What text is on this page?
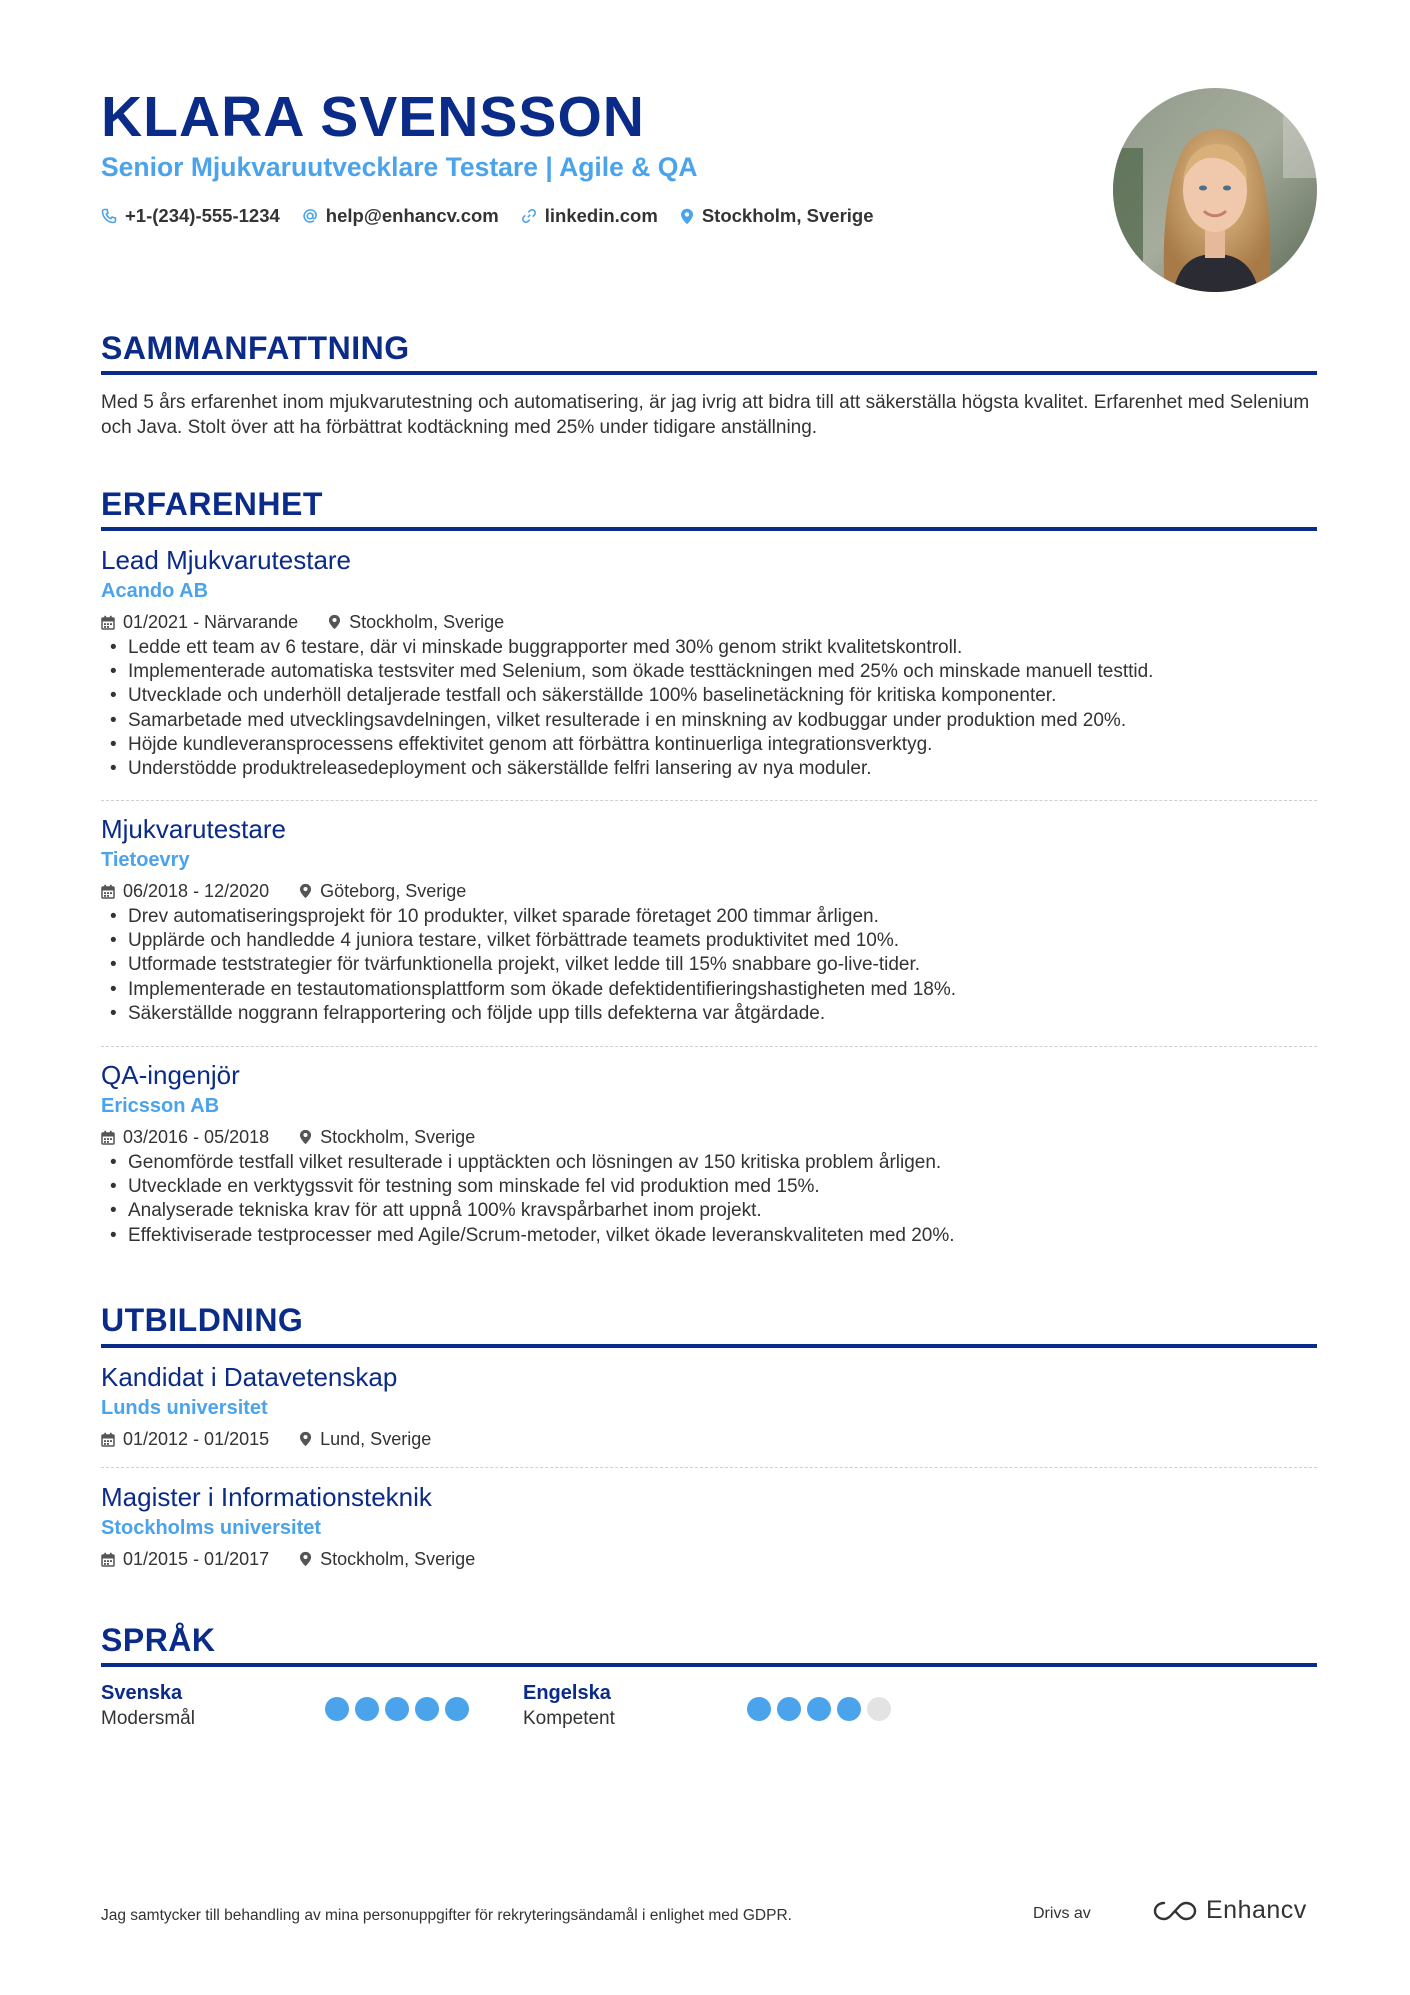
KLARA SVENSSON
Senior Mjukvaruutvecklare Testare | Agile & QA
+1-(234)-555-1234 help@enhancv.com linkedin.com Stockholm, Sverige
SAMMANFATTNING

Med 5 års erfarenhet inom mjukvarutestning och automatisering, är jag ivrig att bidra till att säkerställa högsta kvalitet. Erfarenhet med Selenium och Java. Stolt över att ha förbättrat kodtäckning med 25% under tidigare anställning.

ERFARENHET
Lead Mjukvarutestare
Acando AB
01/2021 - Närvarande	Stockholm, Sverige
• Ledde ett team av 6 testare, där vi minskade buggrapporter med 30% genom strikt kvalitetskontroll.
• Implementerade automatiska testsviter med Selenium, som ökade testtäckningen med 25% och minskade manuell testtid.
• Utvecklade och underhöll detaljerade testfall och säkerställde 100% baselinetäckning för kritiska komponenter.
• Samarbetade med utvecklingsavdelningen, vilket resulterade i en minskning av kodbuggar under produktion med 20%.
• Höjde kundleveransprocessens effektivitet genom att förbättra kontinuerliga integrationsverktyg.
• Understödde produktreleasedeployment och säkerställde felfri lansering av nya moduler.
Mjukvarutestare
Tietoevry
06/2018 - 12/2020	Göteborg, Sverige
• Drev automatiseringsprojekt för 10 produkter, vilket sparade företaget 200 timmar årligen.
• Upplärde och handledde 4 juniora testare, vilket förbättrade teamets produktivitet med 10%.
• Utformade teststrategier för tvärfunktionella projekt, vilket ledde till 15% snabbare go-live-tider.
• Implementerade en testautomationsplattform som ökade defektidentifieringshastigheten med 18%.
• Säkerställde noggrann felrapportering och följde upp tills defekterna var åtgärdade.
QA-ingenjör
Ericsson AB
03/2016 - 05/2018	Stockholm, Sverige
• Genomförde testfall vilket resulterade i upptäckten och lösningen av 150 kritiska problem årligen.
• Utvecklade en verktygssvit för testning som minskade fel vid produktion med 15%.
• Analyserade tekniska krav för att uppnå 100% kravspårbarhet inom projekt.
• Effektiviserade testprocesser med Agile/Scrum-metoder, vilket ökade leveranskvaliteten med 20%.
UTBILDNING
Kandidat i Datavetenskap
Lunds universitet
01/2012 - 01/2015	Lund, Sverige
Magister i Informationsteknik
Stockholms universitet
01/2015 - 01/2017	Stockholm, Sverige
SPRÅK
Svenska
Modersmål
Engelska
Kompetent
Jag samtycker till behandling av mina personuppgifter för rekryteringsändamål i enlighet med GDPR.	Drivs av	Enhancv
